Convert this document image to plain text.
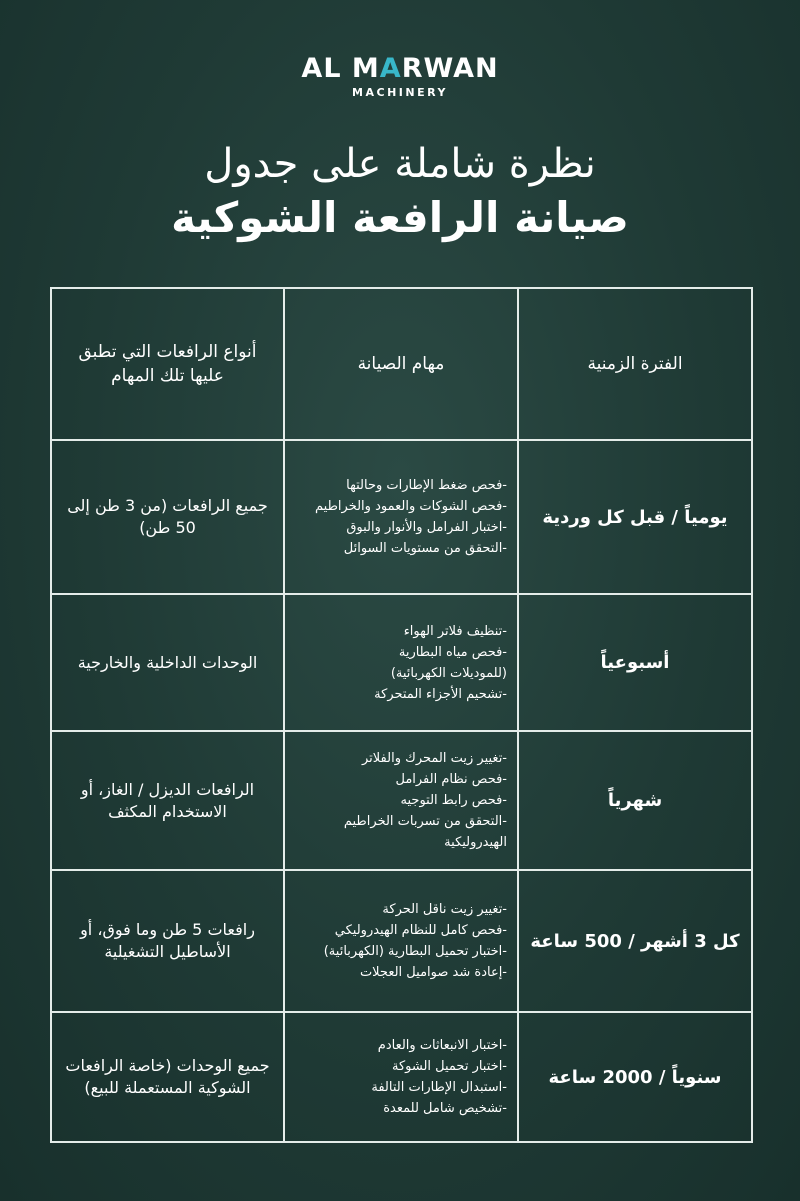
AL MARWAN
MACHINERY
نظرة شاملة على جدول
صيانة الرافعة الشوكية
الفترة الزمنية	مهام الصيانة	أنواع الرافعات التي تطبق عليها تلك المهام
يومياً / قبل كل وردية	-فحص ضغط الإطارات وحالتها
-فحص الشوكات والعمود والخراطيم
-اختبار الفرامل والأنوار والبوق
-التحقق من مستويات السوائل	جميع الرافعات (من 3 طن إلى 50 طن)
أسبوعياً	-تنظيف فلاتر الهواء
-فحص مياه البطارية
(للموديلات الكهربائية)
-تشحيم الأجزاء المتحركة	الوحدات الداخلية والخارجية
شهرياً	-تغيير زيت المحرك والفلاتر
-فحص نظام الفرامل
-فحص رابط التوجيه
-التحقق من تسربات الخراطيم
الهيدروليكية	الرافعات الديزل / الغاز، أو الاستخدام المكثف
كل 3 أشهر / 500 ساعة	-تغيير زيت ناقل الحركة
-فحص كامل للنظام الهيدروليكي
-اختبار تحميل البطارية (الكهربائية)
-إعادة شد صواميل العجلات	رافعات 5 طن وما فوق، أو الأساطيل التشغيلية
سنوياً / 2000 ساعة	-اختبار الانبعاثات والعادم
-اختبار تحميل الشوكة
-استبدال الإطارات التالفة
-تشخيص شامل للمعدة	جميع الوحدات (خاصة الرافعات الشوكية المستعملة للبيع)
